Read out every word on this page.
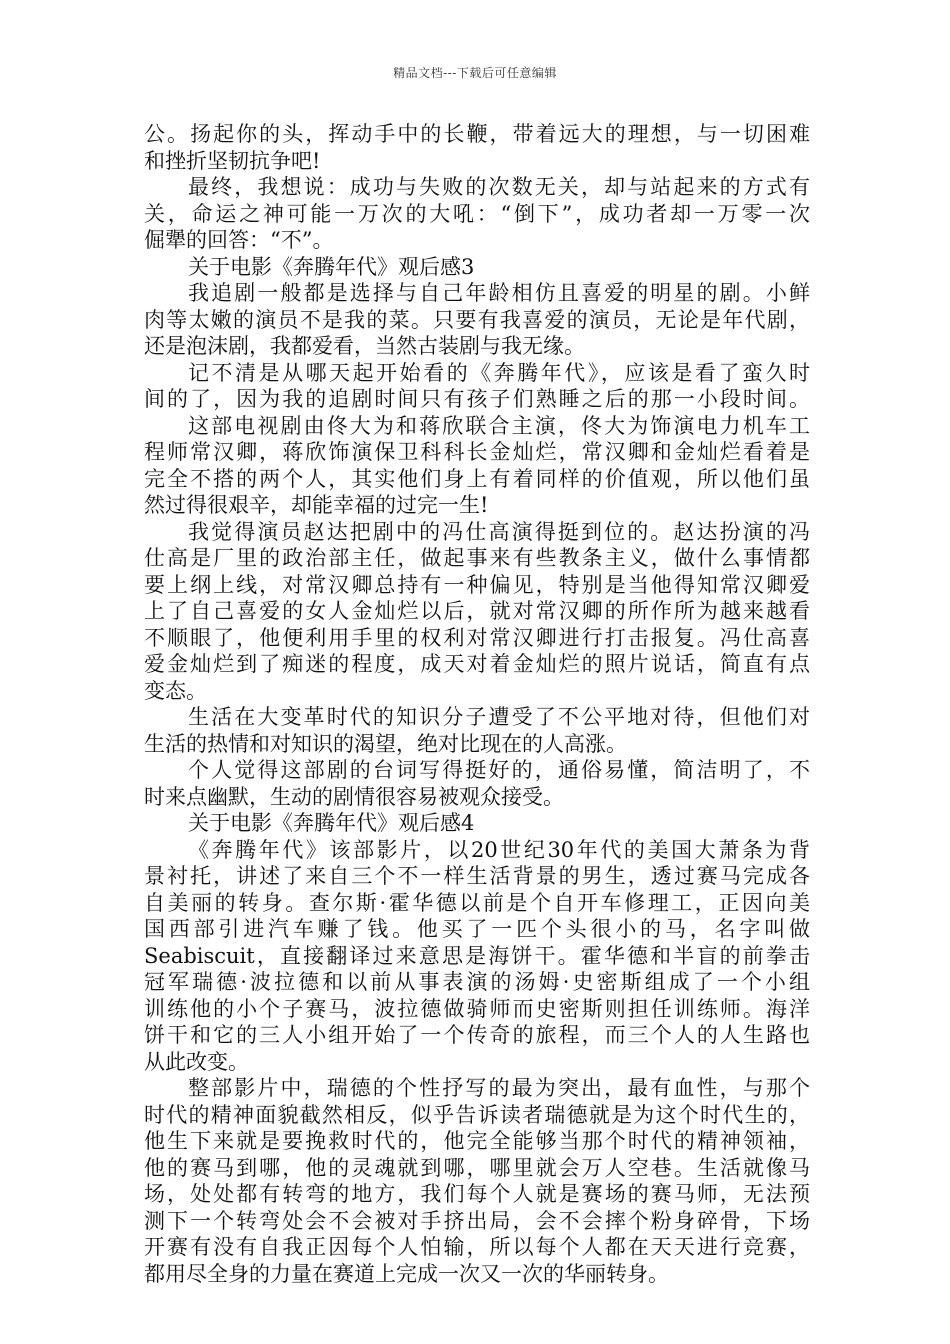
精品文档---下载后可任意编辑
公。扬起你的头，挥动手中的长鞭，带着远大的理想，与一切困难
和挫折坚韧抗争吧!
最终，我想说：成功与失败的次数无关，却与站起来的方式有
关，命运之神可能一万次的大吼：“倒下”，成功者却一万零一次
倔犟的回答：“不”。
关于电影《奔腾年代》观后感3
我追剧一般都是选择与自己年龄相仿且喜爱的明星的剧。小鲜
肉等太嫩的演员不是我的菜。只要有我喜爱的演员，无论是年代剧，
还是泡沫剧，我都爱看，当然古装剧与我无缘。
记不清是从哪天起开始看的《奔腾年代》，应该是看了蛮久时
间的了，因为我的追剧时间只有孩子们熟睡之后的那一小段时间。
这部电视剧由佟大为和蒋欣联合主演，佟大为饰演电力机车工
程师常汉卿，蒋欣饰演保卫科科长金灿烂，常汉卿和金灿烂看着是
完全不搭的两个人，其实他们身上有着同样的价值观，所以他们虽
然过得很艰辛，却能幸福的过完一生!
我觉得演员赵达把剧中的冯仕高演得挺到位的。赵达扮演的冯
仕高是厂里的政治部主任，做起事来有些教条主义，做什么事情都
要上纲上线，对常汉卿总持有一种偏见，特别是当他得知常汉卿爱
上了自己喜爱的女人金灿烂以后，就对常汉卿的所作所为越来越看
不顺眼了，他便利用手里的权利对常汉卿进行打击报复。冯仕高喜
爱金灿烂到了痴迷的程度，成天对着金灿烂的照片说话，简直有点
变态。
生活在大变革时代的知识分子遭受了不公平地对待，但他们对
生活的热情和对知识的渴望，绝对比现在的人高涨。
个人觉得这部剧的台词写得挺好的，通俗易懂，简洁明了，不
时来点幽默，生动的剧情很容易被观众接受。
关于电影《奔腾年代》观后感4
《奔腾年代》该部影片，以20世纪30年代的美国大萧条为背
景衬托，讲述了来自三个不一样生活背景的男生，透过赛马完成各
自美丽的转身。查尔斯·霍华德以前是个自开车修理工，正因向美
国西部引进汽车赚了钱。他买了一匹个头很小的马，名字叫做
Seabiscuit，直接翻译过来意思是海饼干。霍华德和半盲的前拳击
冠军瑞德·波拉德和以前从事表演的汤姆·史密斯组成了一个小组
训练他的小个子赛马，波拉德做骑师而史密斯则担任训练师。海洋
饼干和它的三人小组开始了一个传奇的旅程，而三个人的人生路也
从此改变。
整部影片中，瑞德的个性抒写的最为突出，最有血性，与那个
时代的精神面貌截然相反，似乎告诉读者瑞德就是为这个时代生的，
他生下来就是要挽救时代的，他完全能够当那个时代的精神领袖，
他的赛马到哪，他的灵魂就到哪，哪里就会万人空巷。生活就像马
场，处处都有转弯的地方，我们每个人就是赛场的赛马师，无法预
测下一个转弯处会不会被对手挤出局，会不会摔个粉身碎骨，下场
开赛有没有自我正因每个人怕输，所以每个人都在天天进行竞赛，
都用尽全身的力量在赛道上完成一次又一次的华丽转身。
